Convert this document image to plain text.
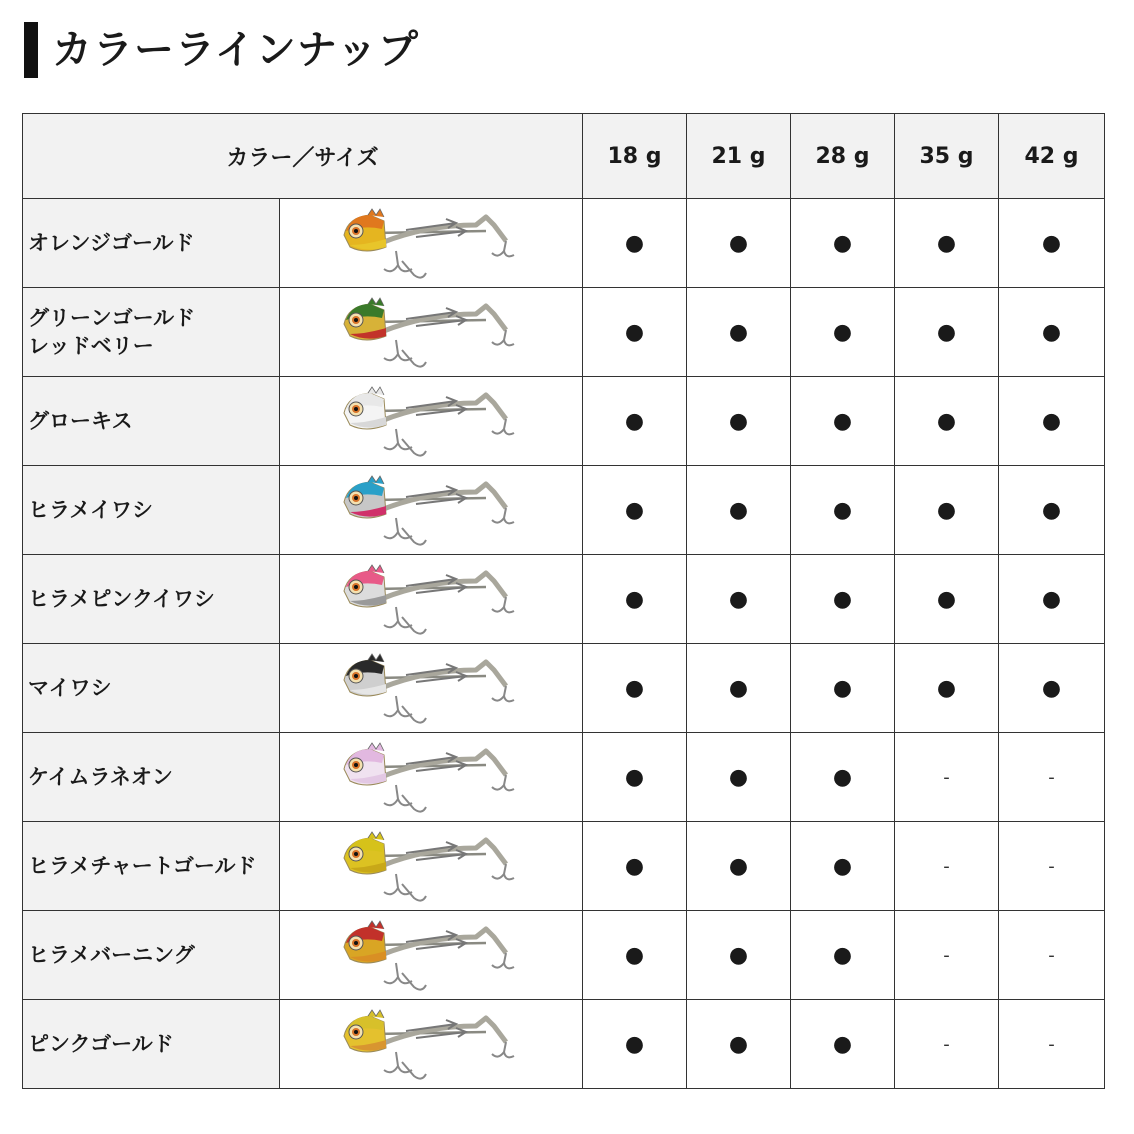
カラーラインナップ
カラー／サイズ		18 g	21 g	28 g	35 g	42 g
オレンジゴールド		●	●	●	●	●
グリーンゴールド
レッドベリー		●	●	●	●	●
グローキス		●	●	●	●	●
ヒラメイワシ		●	●	●	●	●
ヒラメピンクイワシ		●	●	●	●	●
マイワシ		●	●	●	●	●
ケイムラネオン		●	●	●	-	-
ヒラメチャートゴールド		●	●	●	-	-
ヒラメバーニング		●	●	●	-	-
ピンクゴールド		●	●	●	-	-
